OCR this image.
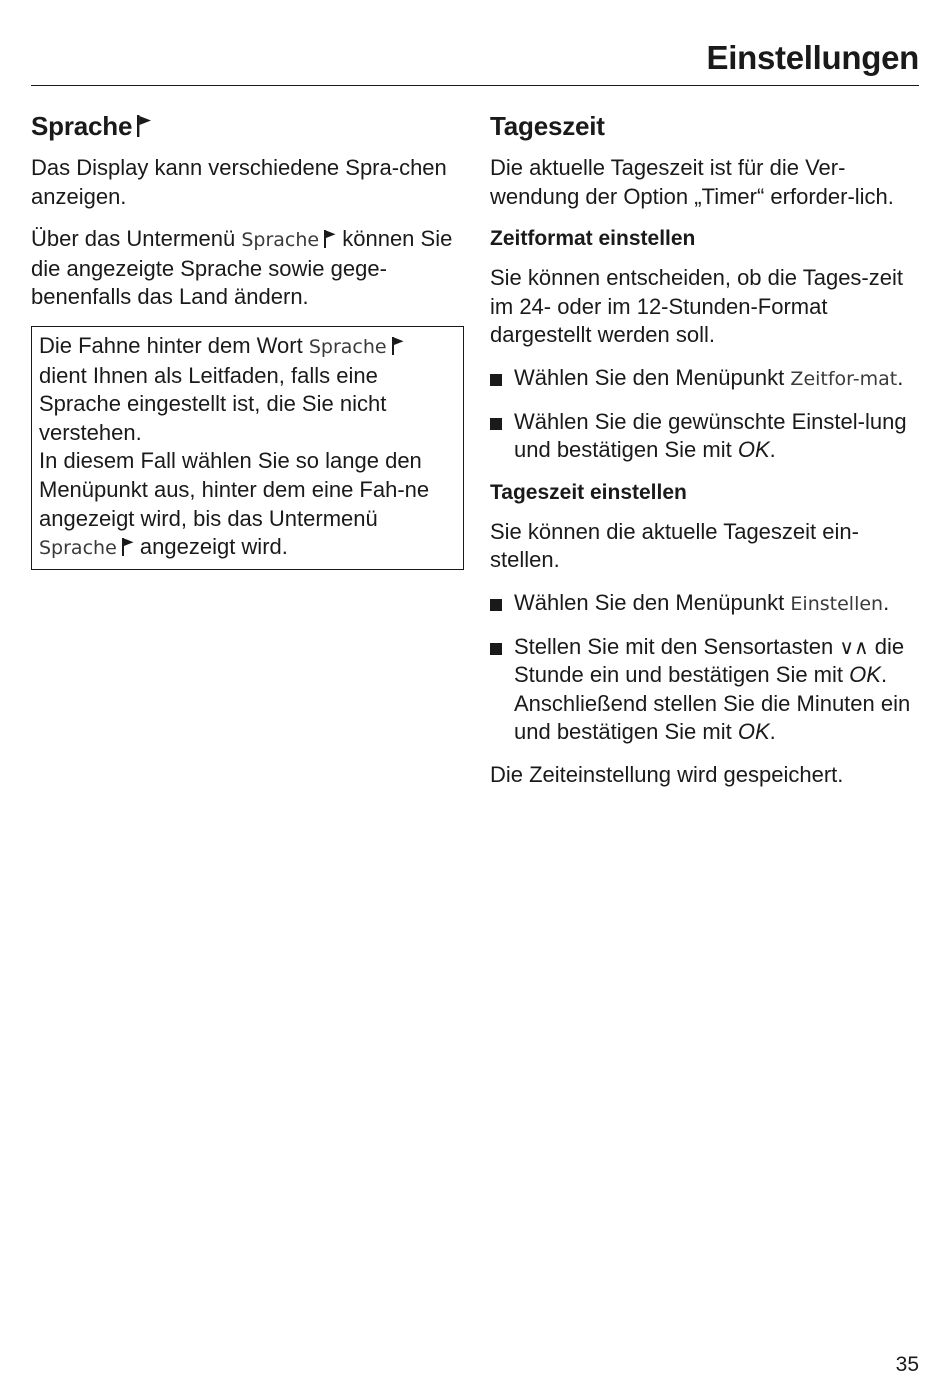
Einstellungen
Sprache

Das Display kann verschiedene Spra-chen anzeigen.

Über das Untermenü Sprache können Sie die angezeigte Sprache sowie gege-benenfalls das Land ändern.

Die Fahne hinter dem Wort Sprache
dient Ihnen als Leitfaden, falls eine Sprache eingestellt ist, die Sie nicht verstehen.
In diesem Fall wählen Sie so lange den Menüpunkt aus, hinter dem eine Fah-ne angezeigt wird, bis das Untermenü Sprache angezeigt wird.
Tageszeit

Die aktuelle Tageszeit ist für die Ver-wendung der Option „Timer“ erforder-lich.

Zeitformat einstellen

Sie können entscheiden, ob die Tages-zeit im 24- oder im 12-Stunden-Format dargestellt werden soll.

Wählen Sie den Menüpunkt Zeitfor-mat.
Wählen Sie die gewünschte Einstel-lung und bestätigen Sie mit OK.
Tageszeit einstellen

Sie können die aktuelle Tageszeit ein-stellen.

Wählen Sie den Menüpunkt Einstellen.
Stellen Sie mit den Sensortasten ∨∧ die Stunde ein und bestätigen Sie mit OK.
Anschließend stellen Sie die Minuten ein und bestätigen Sie mit OK.

Die Zeiteinstellung wird gespeichert.

35
